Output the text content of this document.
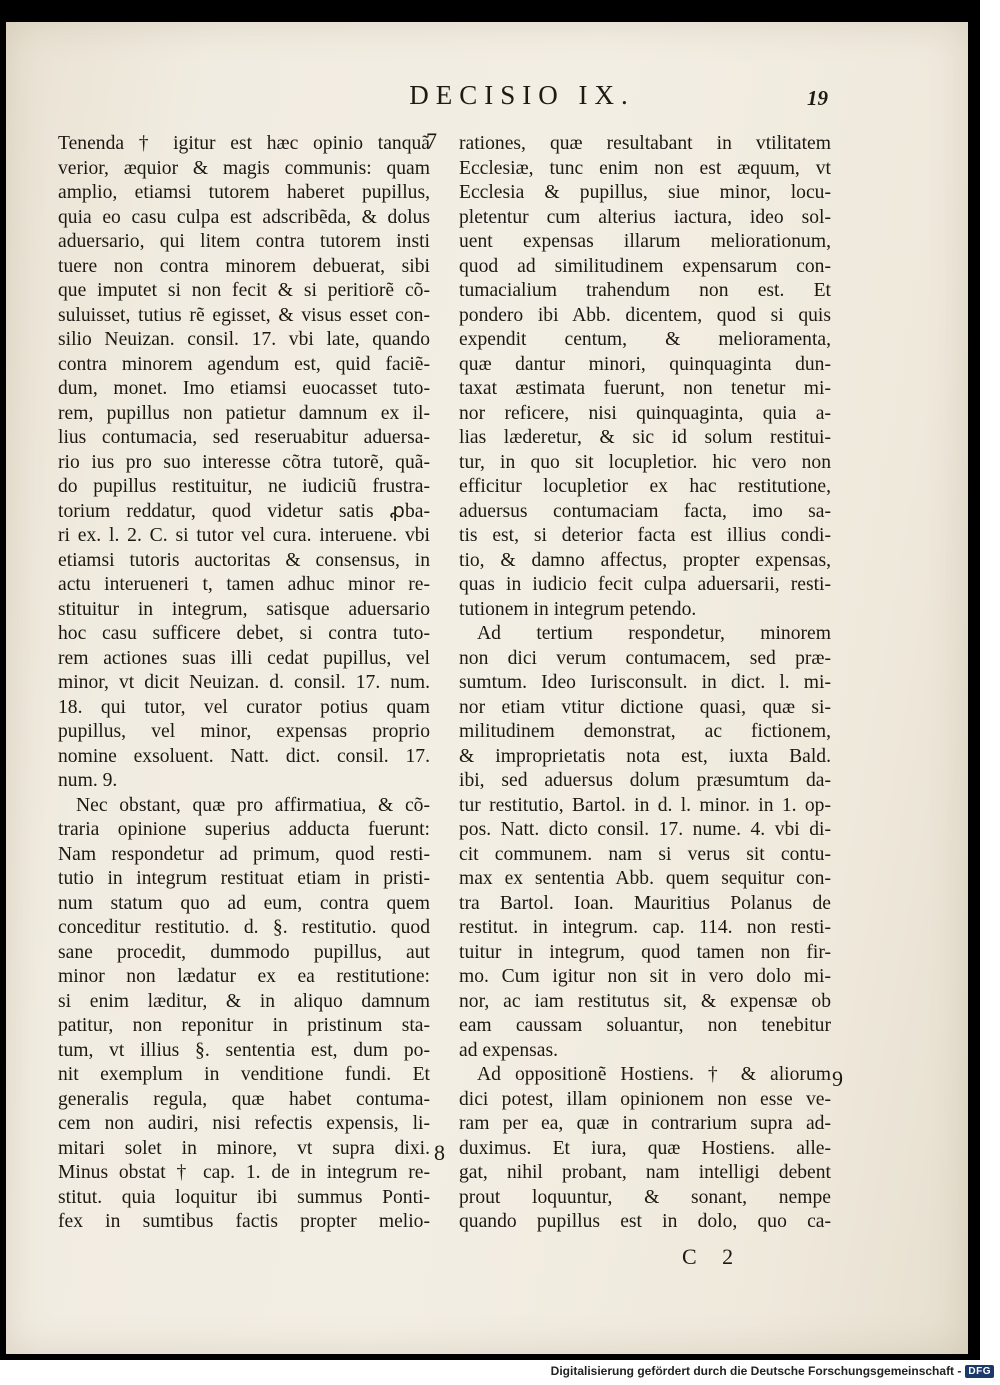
DECISIO IX.	19
Tenenda † igitur est hæc opinio tanquã
verior, æquior & magis communis: quam
amplio, etiamsi tutorem haberet pupillus,
quia eo casu culpa est adscribẽda, & dolus
aduersario, qui litem contra tutorem insti
tuere non contra minorem debuerat, sibi
que imputet si non fecit & si peritiorẽ cõ-
suluisset, tutius rẽ egisset, & visus esset con-
silio Neuizan. consil. 17. vbi late, quando
contra minorem agendum est, quid faciẽ-
dum, monet. Imo etiamsi euocasset tuto-
rem, pupillus non patietur damnum ex il-
lius contumacia, sed reseruabitur aduersa-
rio ius pro suo interesse cõtra tutorẽ, quã-
do pupillus restituitur, ne iudiciũ frustra-
torium reddatur, quod videtur satis ꝓba-
ri ex. l. 2. C. si tutor vel cura. interuene. vbi
etiamsi tutoris auctoritas & consensus, in
actu interueneri t, tamen adhuc minor re-
stituitur in integrum, satisque aduersario
hoc casu sufficere debet, si contra tuto-
rem actiones suas illi cedat pupillus, vel
minor, vt dicit Neuizan. d. consil. 17. num.
18. qui tutor, vel curator potius quam
pupillus, vel minor, expensas proprio
nomine exsoluent. Natt. dict. consil. 17.
num. 9.
Nec obstant, quæ pro affirmatiua, & cõ-
traria opinione superius adducta fuerunt:
Nam respondetur ad primum, quod resti-
tutio in integrum restituat etiam in pristi-
num statum quo ad eum, contra quem
conceditur restitutio. d. §. restitutio. quod
sane procedit, dummodo pupillus, aut
minor non lædatur ex ea restitutione:
si enim læditur, & in aliquo damnum
patitur, non reponitur in pristinum sta-
tum, vt illius §. sententia est, dum po-
nit exemplum in venditione fundi. Et
generalis regula, quæ habet contuma-
cem non audiri, nisi refectis expensis, li-
mitari solet in minore, vt supra dixi.
Minus obstat † cap. 1. de in integrum re-
stitut. quia loquitur ibi summus Ponti-
fex in sumtibus factis propter melio-
rationes, quæ resultabant in vtilitatem
Ecclesiæ, tunc enim non est æquum, vt
Ecclesia & pupillus, siue minor, locu-
pletentur cum alterius iactura, ideo sol-
uent expensas illarum meliorationum,
quod ad similitudinem expensarum con-
tumacialium trahendum non est. Et
pondero ibi Abb. dicentem, quod si quis
expendit centum, & melioramenta,
quæ dantur minori, quinquaginta dun-
taxat æstimata fuerunt, non tenetur mi-
nor reficere, nisi quinquaginta, quia a-
lias læderetur, & sic id solum restitui-
tur, in quo sit locupletior. hic vero non
efficitur locupletior ex hac restitutione,
aduersus contumaciam facta, imo sa-
tis est, si deterior facta est illius condi-
tio, & damno affectus, propter expensas,
quas in iudicio fecit culpa aduersarii, resti-
tutionem in integrum petendo.
Ad tertium respondetur, minorem
non dici verum contumacem, sed præ-
sumtum. Ideo Iurisconsult. in dict. l. mi-
nor etiam vtitur dictione quasi, quæ si-
militudinem demonstrat, ac fictionem,
& improprietatis nota est, iuxta Bald.
ibi, sed aduersus dolum præsumtum da-
tur restitutio, Bartol. in d. l. minor. in 1. op-
pos. Natt. dicto consil. 17. nume. 4. vbi di-
cit communem. nam si verus sit contu-
max ex sententia Abb. quem sequitur con-
tra Bartol. Ioan. Mauritius Polanus de
restitut. in integrum. cap. 114. non resti-
tuitur in integrum, quod tamen non fir-
mo. Cum igitur non sit in vero dolo mi-
nor, ac iam restitutus sit, & expensæ ob
eam caussam soluantur, non tenebitur
ad expensas.
Ad oppositionẽ Hostiens. † & aliorum
dici potest, illam opinionem non esse ve-
ram per ea, quæ in contrarium supra ad-
duximus. Et iura, quæ Hostiens. alle-
gat, nihil probant, nam intelligi debent
prout loquuntur, & sonant, nempe
quando pupillus est in dolo, quo ca-
7
8
9
C 2
Digitalisierung gefördert durch die Deutsche Forschungsgemeinschaft - DFG
